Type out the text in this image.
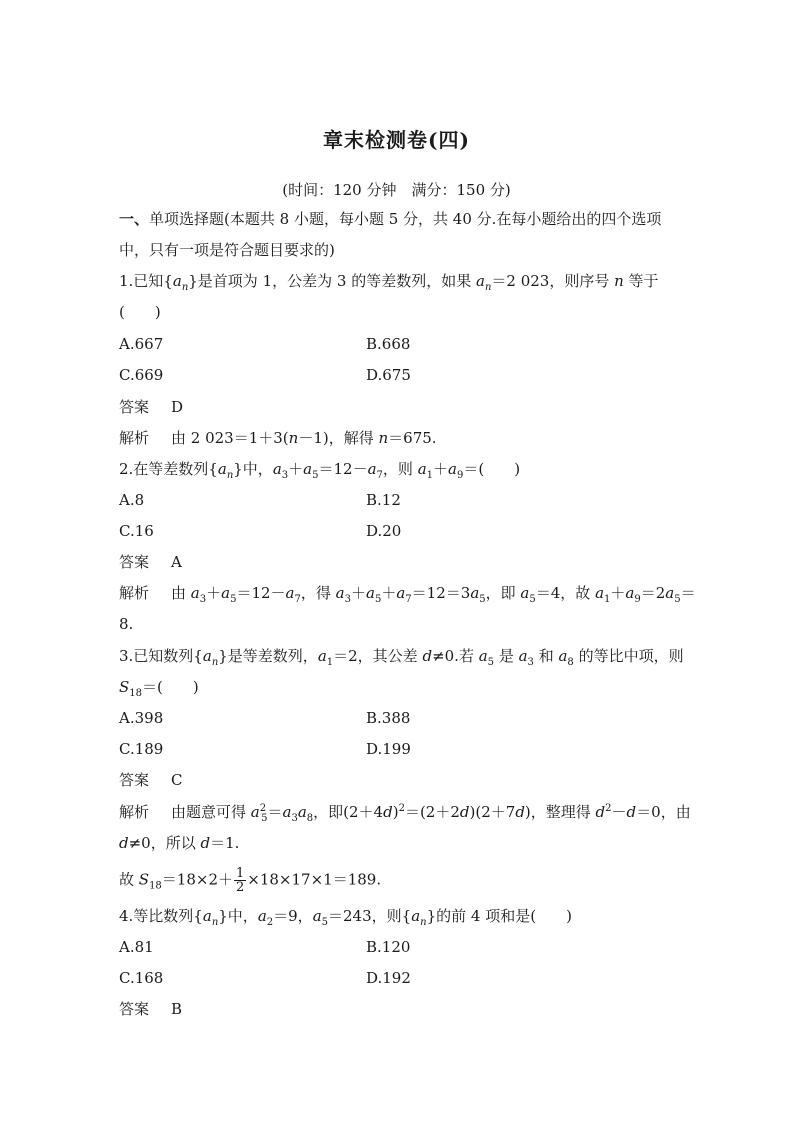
章末检测卷(四)
(时间：120 分钟　满分：150 分)
一、单项选择题(本题共 8 小题，每小题 5 分，共 40 分.在每小题给出的四个选项
中，只有一项是符合题目要求的)
1.已知$\{a_n\}$是首项为 1，公差为 3 的等差数列，如果 $a_n=2$ 023，则序号 n 等于
(　　)
A.667	B.668
C.669	D.675
答案 D
解析 由 2 023＝1＋3(n－1)，解得 n＝675.
2.在等差数列$\{a_n\}$中，$a_3+a_5=12-a_7$，则 $a_1+a_9=$(　　)
A.8	B.12
C.16	D.20
答案 A
解析 由 $a_3+a_5=12-a_7$，得 $a_3+a_5+a_7=12=3a_5$，即 $a_5=4$，故 $a_1+a_9=2a_5=$
8.
3.已知数列$\{a_n\}$是等差数列，$a_1=2$，其公差 d≠0.若 $a_5$ 是 $a_3$ 和 $a_8$ 的等比中项，则
$S_{18}=$(　　)
A.398	B.388
C.189	D.199
答案 C
解析 由题意可得 $a^2_5=a_3a_8$，即$(2+4d)^2=(2+2d)(2+7d)$，整理得 $d^2-d=0$，由
d≠0，所以 d＝1.
故 $S_{18}=18\times 2+ \frac{1}{2} \times 18\times 17\times 1=189$.
4.等比数列$\{a_n\}$中，$a_2=9$，$a_5=243$，则$\{a_n\}$的前 4 项和是(　　)
A.81	B.120
C.168	D.192
答案 B
